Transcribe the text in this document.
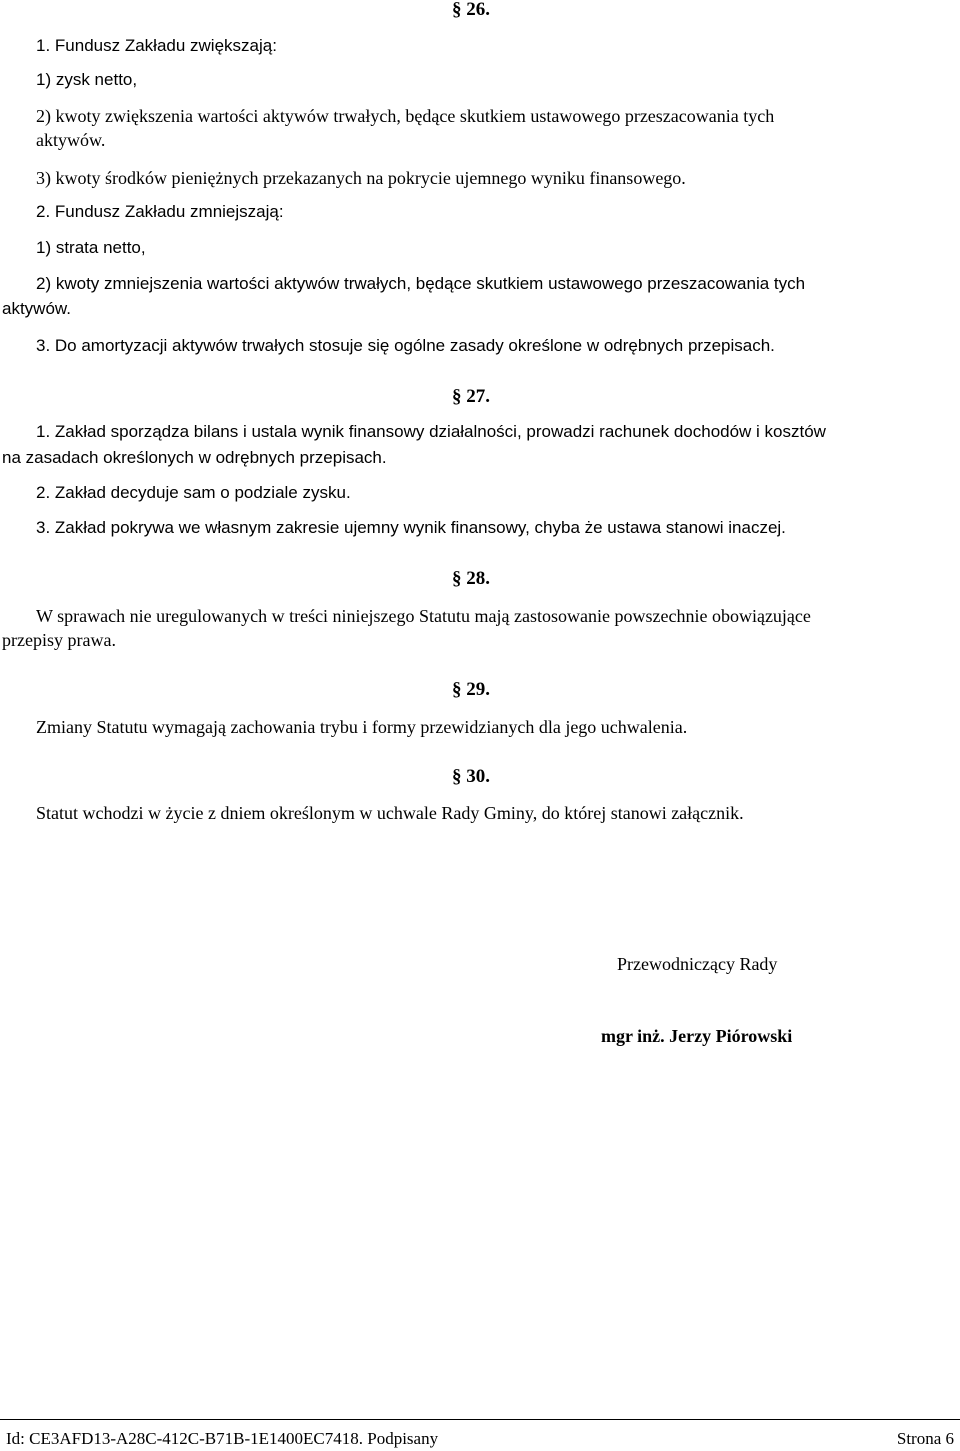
§ 26.
1. Fundusz Zakładu zwiększają:
1) zysk netto,
2) kwoty zwiększenia wartości aktywów trwałych, będące skutkiem ustawowego przeszacowania tych
aktywów.
3) kwoty środków pieniężnych przekazanych na pokrycie ujemnego wyniku finansowego.
2. Fundusz Zakładu zmniejszają:
1) strata netto,
2) kwoty zmniejszenia wartości aktywów trwałych, będące skutkiem ustawowego przeszacowania tych
aktywów.
3. Do amortyzacji aktywów trwałych stosuje się ogólne zasady określone w odrębnych przepisach.
§ 27.
1. Zakład sporządza bilans i ustala wynik finansowy działalności, prowadzi rachunek dochodów i kosztów
na zasadach określonych w odrębnych przepisach.
2. Zakład decyduje sam o podziale zysku.
3. Zakład pokrywa we własnym zakresie ujemny wynik finansowy, chyba że ustawa stanowi inaczej.
§ 28.
W sprawach nie uregulowanych w treści niniejszego Statutu mają zastosowanie powszechnie obowiązujące
przepisy prawa.
§ 29.
Zmiany Statutu wymagają zachowania trybu i formy przewidzianych dla jego uchwalenia.
§ 30.
Statut wchodzi w życie z dniem określonym w uchwale Rady Gminy, do której stanowi załącznik.
Przewodniczący Rady
mgr inż. Jerzy Piórowski
Id: CE3AFD13-A28C-412C-B71B-1E1400EC7418. Podpisany	Strona 6
